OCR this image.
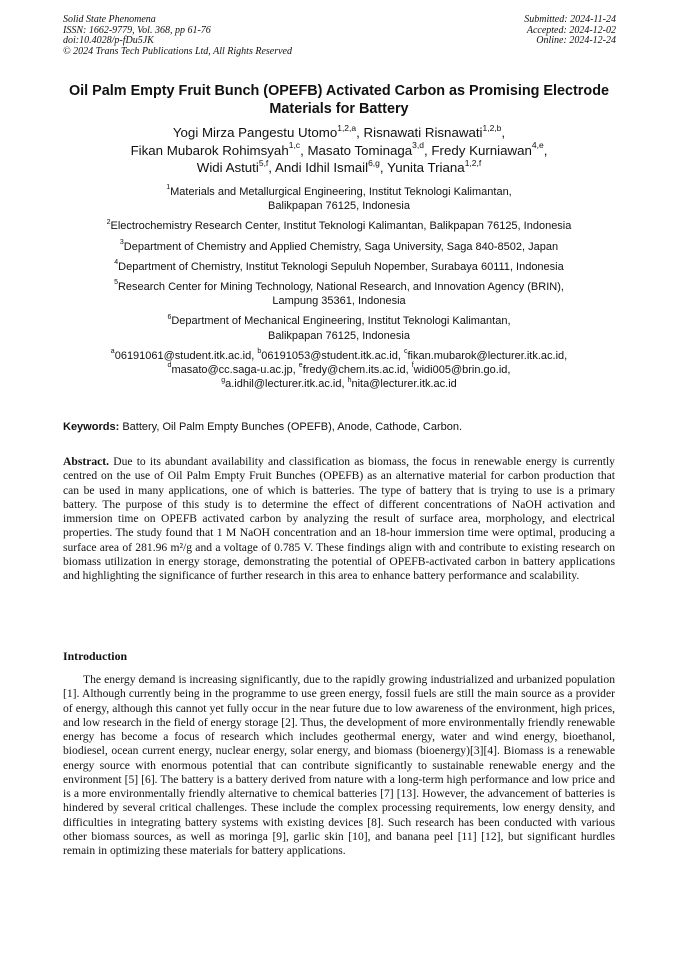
Solid State Phenomena
ISSN: 1662-9779, Vol. 368, pp 61-76
doi:10.4028/p-fDu5JK
© 2024 Trans Tech Publications Ltd, All Rights Reserved
Submitted: 2024-11-24
Accepted: 2024-12-02
Online: 2024-12-24
Oil Palm Empty Fruit Bunch (OPEFB) Activated Carbon as Promising Electrode Materials for Battery
Yogi Mirza Pangestu Utomo$^{1,2,a}$, Risnawati Risnawati$^{1,2,b}$,
Fikan Mubarok Rohimsyah$^{1,c}$, Masato Tominaga$^{3,d}$, Fredy Kurniawan$^{4,e}$,
Widi Astuti$^{5,f}$, Andi Idhil Ismail$^{6,g}$, Yunita Triana$^{1,2,f}$
$^1$Materials and Metallurgical Engineering, Institut Teknologi Kalimantan,
Balikpapan 76125, Indonesia
$^2$Electrochemistry Research Center, Institut Teknologi Kalimantan, Balikpapan 76125, Indonesia
$^3$Department of Chemistry and Applied Chemistry, Saga University, Saga 840-8502, Japan
$^4$Department of Chemistry, Institut Teknologi Sepuluh Nopember, Surabaya 60111, Indonesia
$^5$Research Center for Mining Technology, National Research, and Innovation Agency (BRIN),
Lampung 35361, Indonesia
$^6$Department of Mechanical Engineering, Institut Teknologi Kalimantan,
Balikpapan 76125, Indonesia
$^a$06191061@student.itk.ac.id, $^b$06191053@student.itk.ac.id, $^c$fikan.mubarok@lecturer.itk.ac.id,
$^d$masato@cc.saga-u.ac.jp, $^e$fredy@chem.its.ac.id, $^f$widi005@brin.go.id,
$^g$a.idhil@lecturer.itk.ac.id, $^h$nita@lecturer.itk.ac.id
Keywords: Battery, Oil Palm Empty Bunches (OPEFB), Anode, Cathode, Carbon.

Abstract. Due to its abundant availability and classification as biomass, the focus in renewable energy is currently centred on the use of Oil Palm Empty Fruit Bunches (OPEFB) as an alternative material for carbon production that can be used in many applications, one of which is batteries. The type of battery that is trying to use is a primary battery. The purpose of this study is to determine the effect of different concentrations of NaOH activation and immersion time on OPEFB activated carbon by analyzing the result of surface area, morphology, and electrical properties. The study found that 1 M NaOH concentration and an 18-hour immersion time were optimal, producing a surface area of 281.96 m²/g and a voltage of 0.785 V. These findings align with and contribute to existing research on biomass utilization in energy storage, demonstrating the potential of OPEFB-activated carbon in battery applications and highlighting the significance of further research in this area to enhance battery performance and scalability.

Introduction

The energy demand is increasing significantly, due to the rapidly growing industrialized and urbanized population [1]. Although currently being in the programme to use green energy, fossil fuels are still the main source as a provider of energy, although this cannot yet fully occur in the near future due to low awareness of the environment, high prices, and low research in the field of energy storage [2]. Thus, the development of more environmentally friendly renewable energy has become a focus of research which includes geothermal energy, water and wind energy, bioethanol, biodiesel, ocean current energy, nuclear energy, solar energy, and biomass (bioenergy)[3][4]. Biomass is a renewable energy source with enormous potential that can contribute significantly to sustainable renewable energy and the environment [5] [6]. The battery is a battery derived from nature with a long-term high performance and low price and is a more environmentally friendly alternative to chemical batteries [7] [13]. However, the advancement of batteries is hindered by several critical challenges. These include the complex processing requirements, low energy density, and difficulties in integrating battery systems with existing devices [8]. Such research has been conducted with various other biomass sources, as well as moringa [9], garlic skin [10], and banana peel [11] [12], but significant hurdles remain in optimizing these materials for battery applications.
